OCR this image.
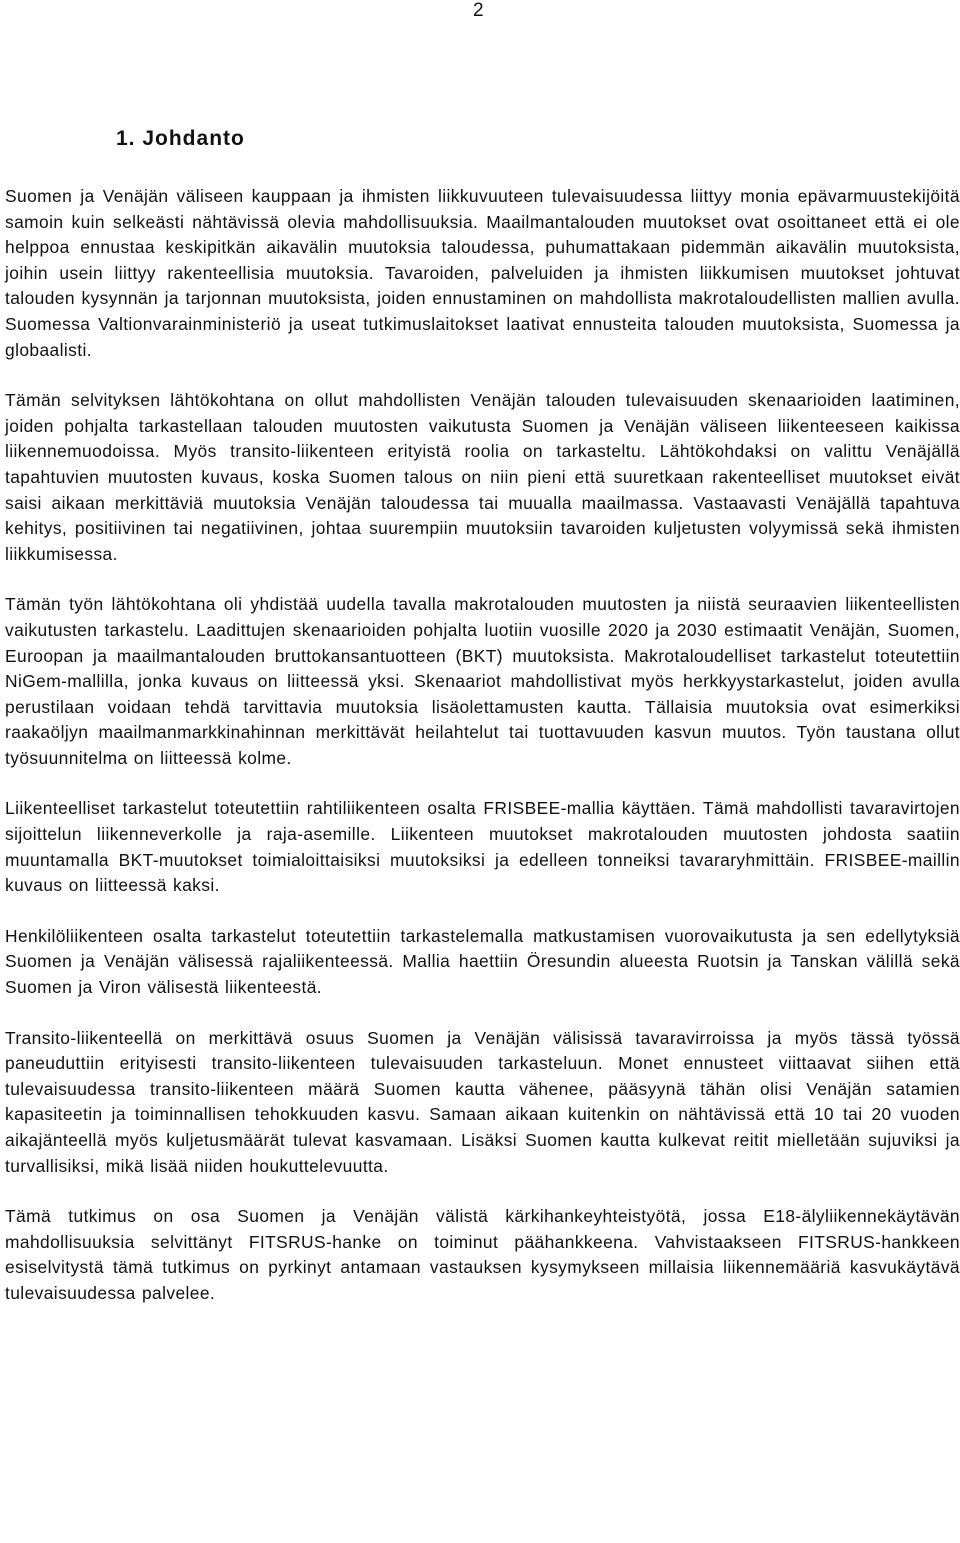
2
1. Johdanto

Suomen ja Venäjän väliseen kauppaan ja ihmisten liikkuvuuteen tulevaisuudessa liittyy monia epävarmuustekijöitä samoin kuin selkeästi nähtävissä olevia mahdollisuuksia. Maailmantalouden muutokset ovat osoittaneet että ei ole helppoa ennustaa keskipitkän aikavälin muutoksia taloudessa, puhumattakaan pidemmän aikavälin muutoksista, joihin usein liittyy rakenteellisia muutoksia. Tavaroiden, palveluiden ja ihmisten liikkumisen muutokset johtuvat talouden kysynnän ja tarjonnan muutoksista, joiden ennustaminen on mahdollista makrotaloudellisten mallien avulla. Suomessa Valtionvarainministeriö ja useat tutkimuslaitokset laativat ennusteita talouden muutoksista, Suomessa ja globaalisti.

Tämän selvityksen lähtökohtana on ollut mahdollisten Venäjän talouden tulevaisuuden skenaarioiden laatiminen, joiden pohjalta tarkastellaan talouden muutosten vaikutusta Suomen ja Venäjän väliseen liikenteeseen kaikissa liikennemuodoissa. Myös transito-liikenteen erityistä roolia on tarkasteltu. Lähtökohdaksi on valittu Venäjällä tapahtuvien muutosten kuvaus, koska Suomen talous on niin pieni että suuretkaan rakenteelliset muutokset eivät saisi aikaan merkittäviä muutoksia Venäjän taloudessa tai muualla maailmassa. Vastaavasti Venäjällä tapahtuva kehitys, positiivinen tai negatiivinen, johtaa suurempiin muutoksiin tavaroiden kuljetusten volyymissä sekä ihmisten liikkumisessa.

Tämän työn lähtökohtana oli yhdistää uudella tavalla makrotalouden muutosten ja niistä seuraavien liikenteellisten vaikutusten tarkastelu. Laadittujen skenaarioiden pohjalta luotiin vuosille 2020 ja 2030 estimaatit Venäjän, Suomen, Euroopan ja maailmantalouden bruttokansantuotteen (BKT) muutoksista. Makrotaloudelliset tarkastelut toteutettiin NiGem-mallilla, jonka kuvaus on liitteessä yksi. Skenaariot mahdollistivat myös herkkyystarkastelut, joiden avulla perustilaan voidaan tehdä tarvittavia muutoksia lisäolettamusten kautta. Tällaisia muutoksia ovat esimerkiksi raakaöljyn maailmanmarkkinahinnan merkittävät heilahtelut tai tuottavuuden kasvun muutos. Työn taustana ollut työsuunnitelma on liitteessä kolme.

Liikenteelliset tarkastelut toteutettiin rahtiliikenteen osalta FRISBEE-mallia käyttäen. Tämä mahdollisti tavaravirtojen sijoittelun liikenneverkolle ja raja-asemille. Liikenteen muutokset makrotalouden muutosten johdosta saatiin muuntamalla BKT-muutokset toimialoittaisiksi muutoksiksi ja edelleen tonneiksi tavararyhmittäin. FRISBEE-maillin kuvaus on liitteessä kaksi.

Henkilöliikenteen osalta tarkastelut toteutettiin tarkastelemalla matkustamisen vuorovaikutusta ja sen edellytyksiä Suomen ja Venäjän välisessä rajaliikenteessä. Mallia haettiin Öresundin alueesta Ruotsin ja Tanskan välillä sekä Suomen ja Viron välisestä liikenteestä.

Transito-liikenteellä on merkittävä osuus Suomen ja Venäjän välisissä tavaravirroissa ja myös tässä työssä paneuduttiin erityisesti transito-liikenteen tulevaisuuden tarkasteluun. Monet ennusteet viittaavat siihen että tulevaisuudessa transito-liikenteen määrä Suomen kautta vähenee, pääsyynä tähän olisi Venäjän satamien kapasiteetin ja toiminnallisen tehokkuuden kasvu. Samaan aikaan kuitenkin on nähtävissä että 10 tai 20 vuoden aikajänteellä myös kuljetusmäärät tulevat kasvamaan. Lisäksi Suomen kautta kulkevat reitit mielletään sujuviksi ja turvallisiksi, mikä lisää niiden houkuttelevuutta.

Tämä tutkimus on osa Suomen ja Venäjän välistä kärkihankeyhteistyötä, jossa E18-älyliikennekäytävän mahdollisuuksia selvittänyt FITSRUS-hanke on toiminut päähankkeena. Vahvistaakseen FITSRUS-hankkeen esiselvitystä tämä tutkimus on pyrkinyt antamaan vastauksen kysymykseen millaisia liikennemääriä kasvukäytävä tulevaisuudessa palvelee.
